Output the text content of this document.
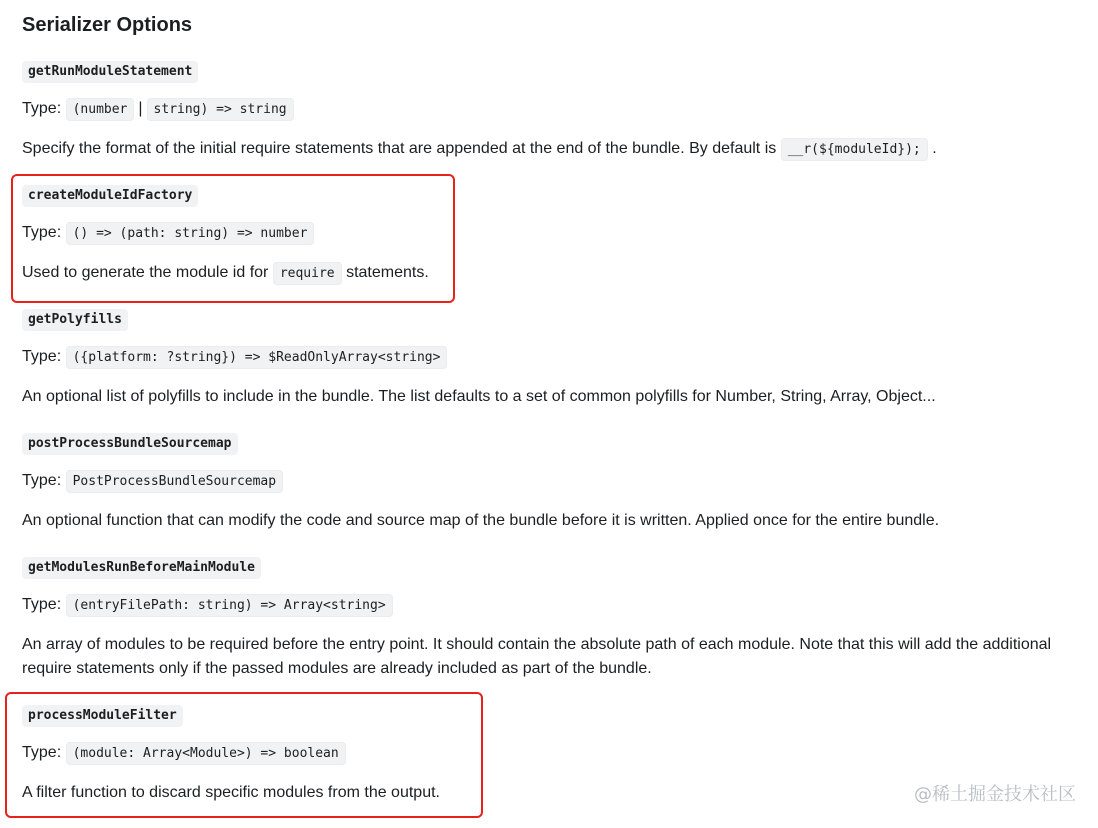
Serializer Options
getRunModuleStatement
Type: (number | string) => string
Specify the format of the initial require statements that are appended at the end of the bundle. By default is __r(${moduleId}); .
createModuleIdFactory
Type: () => (path: string) => number
Used to generate the module id for require statements.
getPolyfills
Type: ({platform: ?string}) => $ReadOnlyArray<string>
An optional list of polyfills to include in the bundle. The list defaults to a set of common polyfills for Number, String, Array, Object...
postProcessBundleSourcemap
Type: PostProcessBundleSourcemap
An optional function that can modify the code and source map of the bundle before it is written. Applied once for the entire bundle.
getModulesRunBeforeMainModule
Type: (entryFilePath: string) => Array<string>
An array of modules to be required before the entry point. It should contain the absolute path of each module. Note that this will add the additional require statements only if the passed modules are already included as part of the bundle.
processModuleFilter
Type: (module: Array<Module>) => boolean
A filter function to discard specific modules from the output.	@稀土掘金技术社区
